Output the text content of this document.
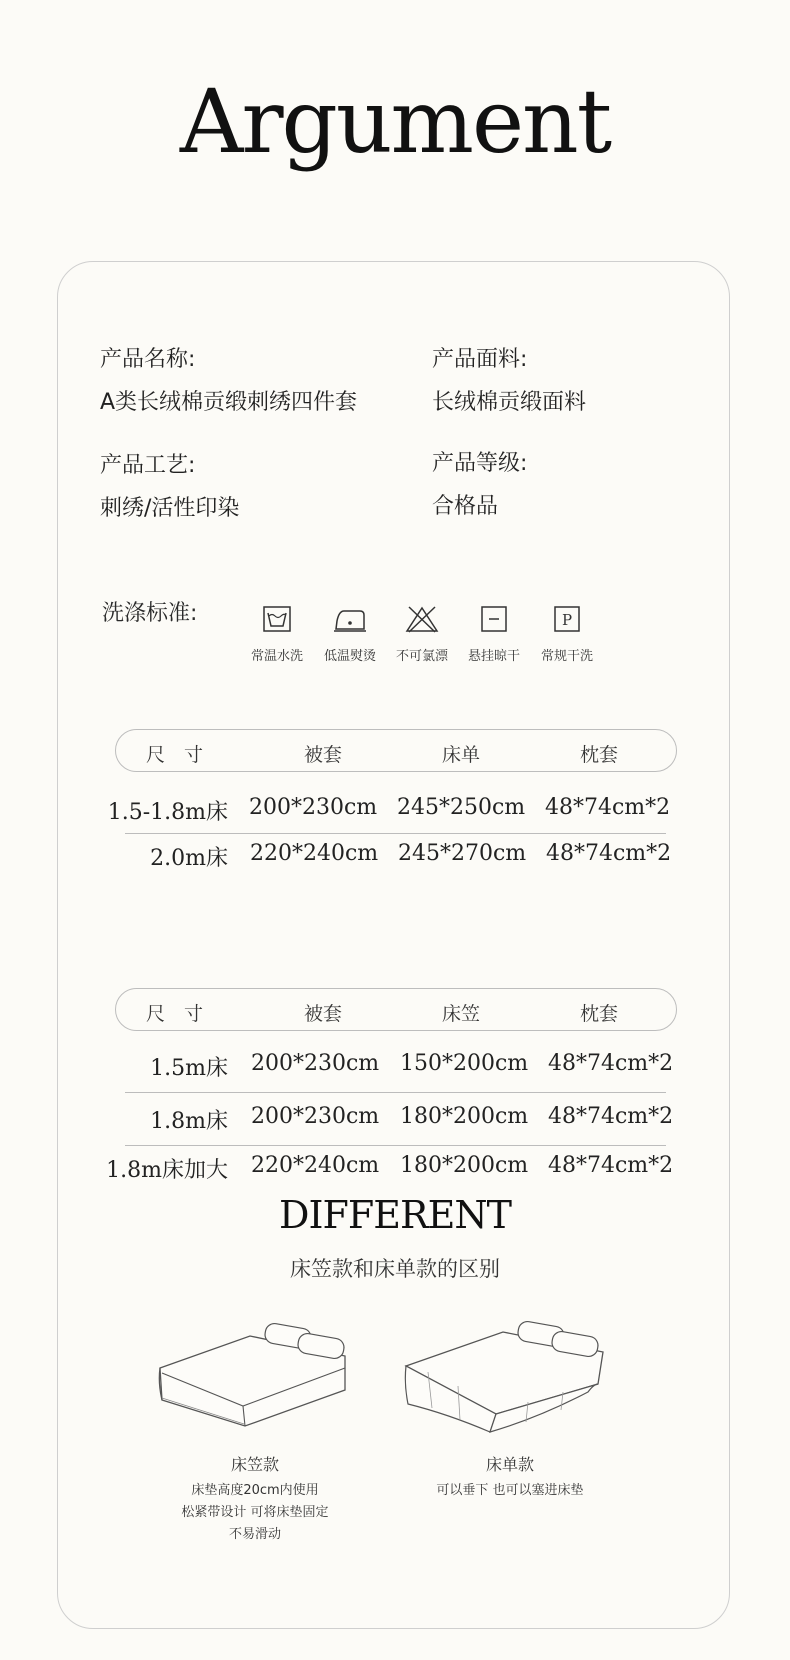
Argument
产品名称:
A类长绒棉贡缎刺绣四件套
产品面料:
长绒棉贡缎面料
产品工艺:
刺绣/活性印染
产品等级:
合格品
洗涤标准:
常温水洗	低温熨烫	不可氯漂	悬挂晾干
P
常规干洗
尺　寸	被套	床单	枕套
1.5-1.8m床 200*230cm 245*250cm 48*74cm*2
2.0m床 220*240cm 245*270cm 48*74cm*2
尺　寸	被套	床笠	枕套
1.5m床 200*230cm 150*200cm 48*74cm*2
1.8m床 200*230cm 180*200cm 48*74cm*2
1.8m床加大 220*240cm 180*200cm 48*74cm*2
DIFFERENT
床笠款和床单款的区别
床笠款
床垫高度20cm内使用
松紧带设计 可将床垫固定
不易滑动
床单款
可以垂下 也可以塞进床垫
